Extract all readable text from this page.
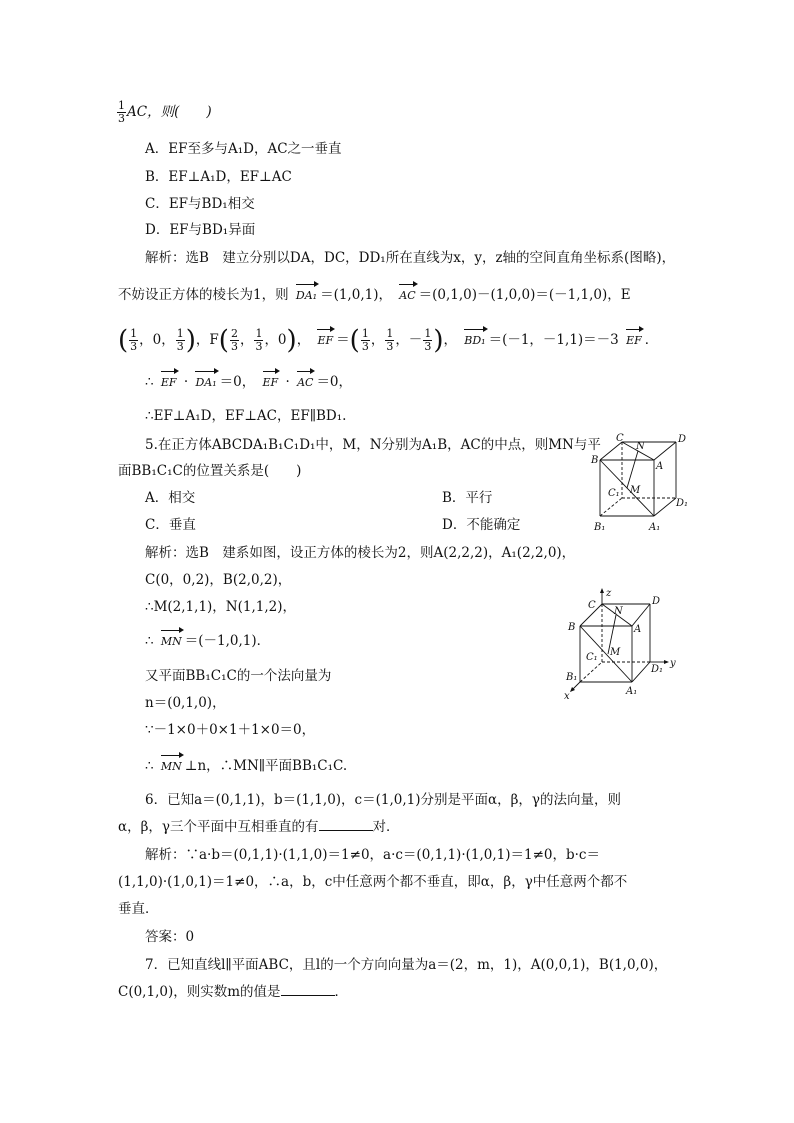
$\frac{1}{3}$ AC，则(　　)
A．EF至多与A₁D，AC之一垂直
B．EF⊥A₁D，EF⊥AC
C．EF与BD₁相交
D．EF与BD₁异面
解析：选B　建立分别以DA，DC，DD₁所在直线为x，y，z轴的空间直角坐标系(图略)，
不妨设正方体的棱长为1，则 DA₁ ＝(1,0,1)， AC ＝(0,1,0)－(1,0,0)＝(－1,1,0)，E
( $\frac{1}{3}$ ，0， $\frac{1}{3}$ )，$F( \frac{2}{3}$ ， $\frac{1}{3}$ ，0)， EF ＝( $\frac{1}{3}$ ， $\frac{1}{3}$ ，－ $\frac{1}{3}$ )， BD₁ ＝(－1，－1,1)＝－3 EF ．
∴ EF · DA₁ ＝0， EF · AC ＝0，
∴EF⊥A₁D，EF⊥AC，EF∥BD₁.
5.在正方体ABCDA₁B₁C₁D₁中，M，N分别为A₁B，AC的中点，则MN与平
面BB₁C₁C的位置关系是(　　)
A．相交	B．平行
C．垂直	D．不能确定
C
N
D
B
A
C₁ M
D₁
B₁	A₁
解析：选B　建系如图，设正方体的棱长为2，则A(2,2,2)，A₁(2,2,0)，
C(0，0,2)，B(2,0,2)，
∴M(2,1,1)，N(1,1,2)，
∴ MN ＝(－1,0,1)．
又平面BB₁C₁C的一个法向量为
n＝(0,1,0)，
∵－1×0＋0×1＋1×0＝0，
∴ MN ⊥n，∴MN∥平面BB₁C₁C.
z
C
N
D
B	A
C₁ M
D₁
y
B₁
A₁
x
6．已知a＝(0,1,1)，b＝(1,1,0)，c＝(1,0,1)分别是平面α，β，γ的法向量，则
α，β，γ三个平面中互相垂直的有	对．
解析：∵a·b＝(0,1,1)·(1,1,0)＝1≠0，a·c＝(0,1,1)·(1,0,1)＝1≠0，b·c＝
(1,1,0)·(1,0,1)＝1≠0，∴a，b，c中任意两个都不垂直，即α，β，γ中任意两个都不
垂直．
答案：0
7．已知直线l∥平面ABC，且l的一个方向向量为a＝(2，m，1)，A(0,0,1)，B(1,0,0)，
C(0,1,0)，则实数m的值是	．
